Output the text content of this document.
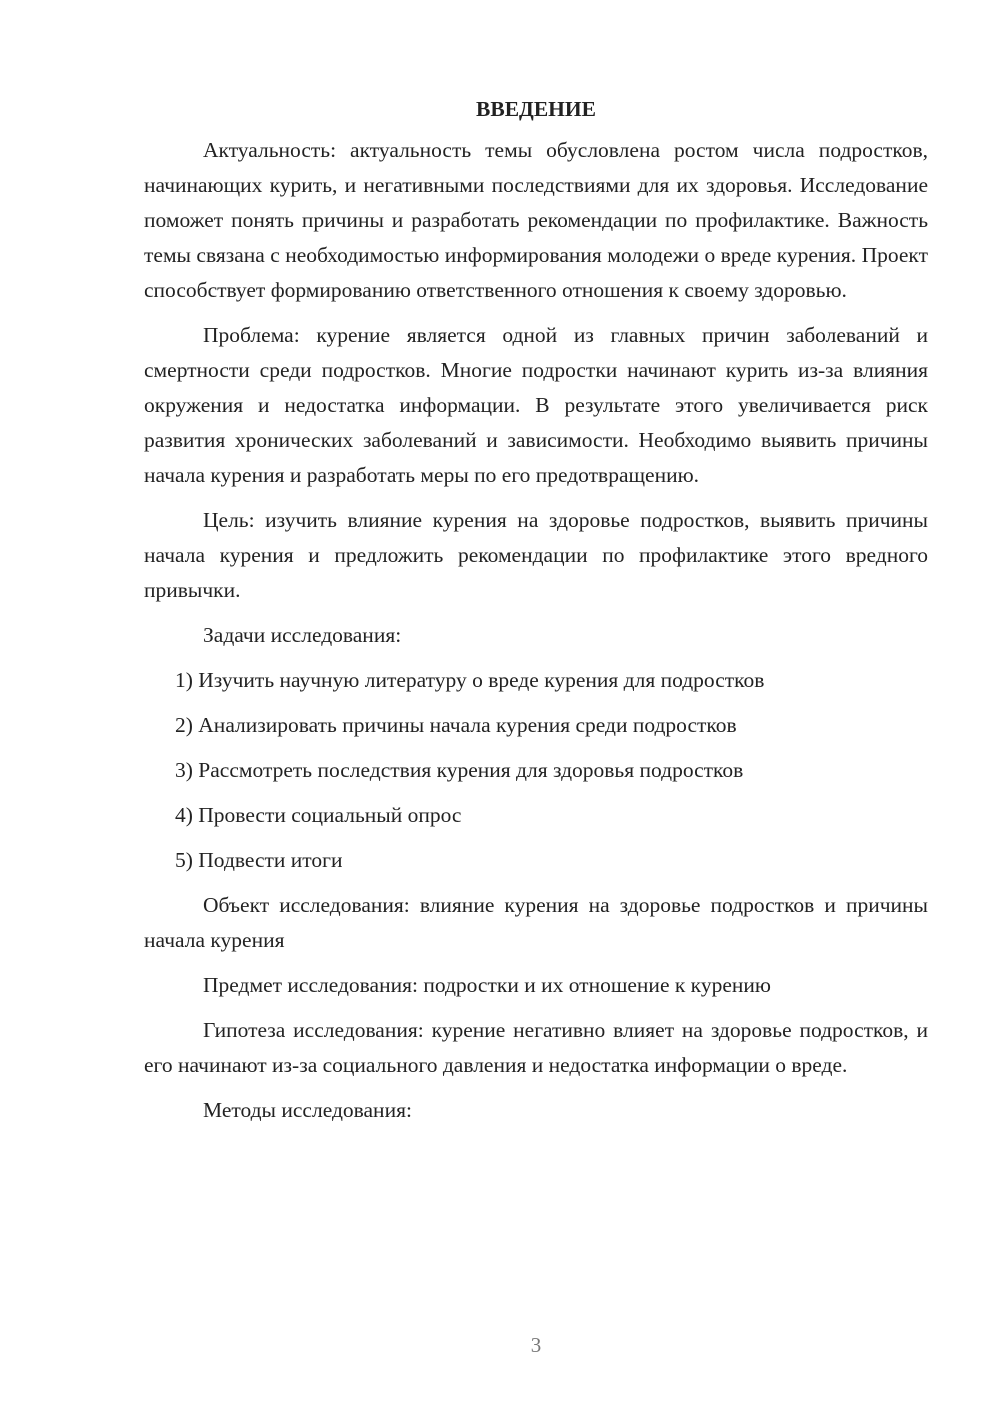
ВВЕДЕНИЕ

Актуальность: актуальность темы обусловлена ростом числа подростков, начинающих курить, и негативными последствиями для их здоровья. Исследование поможет понять причины и разработать рекомендации по профилактике. Важность темы связана с необходимостью информирования молодежи о вреде курения. Проект способствует формированию ответственного отношения к своему здоровью.

Проблема: курение является одной из главных причин заболеваний и смертности среди подростков. Многие подростки начинают курить из-за влияния окружения и недостатка информации. В результате этого увеличивается риск развития хронических заболеваний и зависимости. Необходимо выявить причины начала курения и разработать меры по его предотвращению.

Цель: изучить влияние курения на здоровье подростков, выявить причины начала курения и предложить рекомендации по профилактике этого вредного привычки.

Задачи исследования:

1) Изучить научную литературу о вреде курения для подростков
2) Анализировать причины начала курения среди подростков
3) Рассмотреть последствия курения для здоровья подростков
4) Провести социальный опрос
5) Подвести итоги

Объект исследования: влияние курения на здоровье подростков и причины начала курения

Предмет исследования: подростки и их отношение к курению

Гипотеза исследования: курение негативно влияет на здоровье подростков, и его начинают из-за социального давления и недостатка информации о вреде.

Методы исследования:

3
